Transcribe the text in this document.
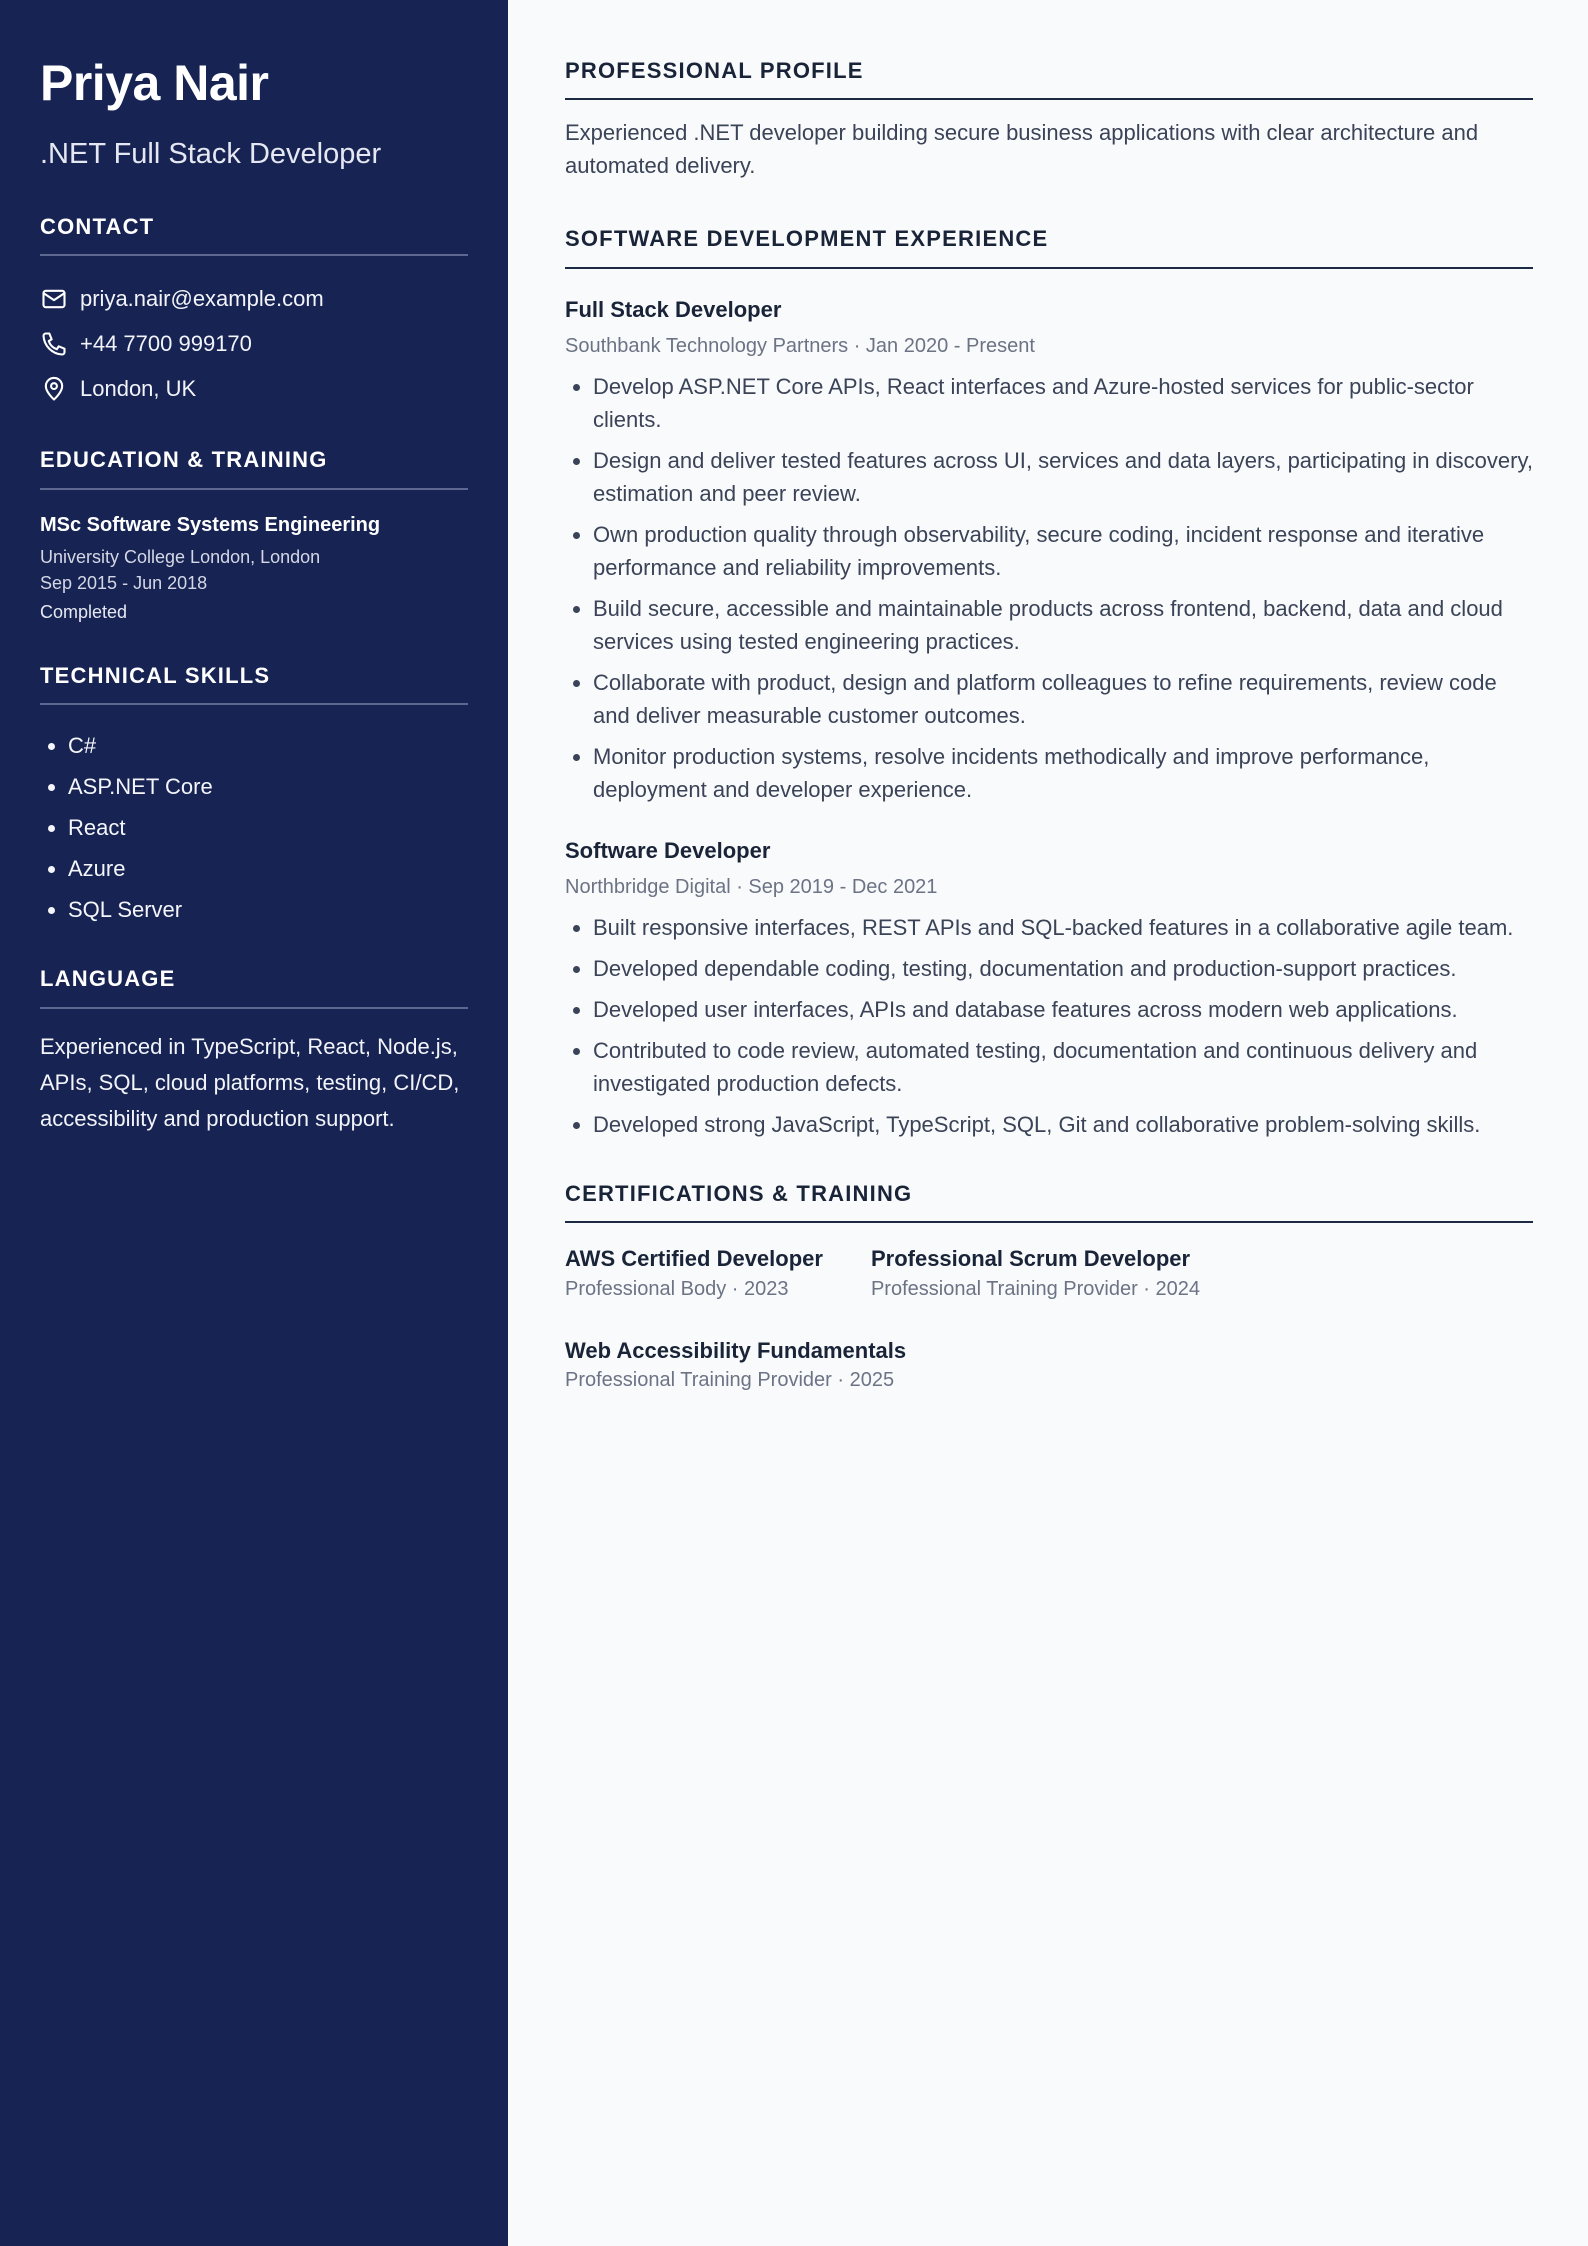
Priya Nair
.NET Full Stack Developer
CONTACT
priya.nair@example.com
+44 7700 999170
London, UK
EDUCATION & TRAINING
MSc Software Systems Engineering
University College London, London
Sep 2015 - Jun 2018
Completed
TECHNICAL SKILLS
• C#
• ASP.NET Core
• React
• Azure
• SQL Server
LANGUAGE
Experienced in TypeScript, React, Node.js, APIs, SQL, cloud platforms, testing, CI/CD, accessibility and production support.
PROFESSIONAL PROFILE
Experienced .NET developer building secure business applications with clear architecture and automated delivery.
SOFTWARE DEVELOPMENT EXPERIENCE
Full Stack Developer
Southbank Technology Partners · Jan 2020 - Present
• Develop ASP.NET Core APIs, React interfaces and Azure-hosted services for public-sector clients.
• Design and deliver tested features across UI, services and data layers, participating in discovery, estimation and peer review.
• Own production quality through observability, secure coding, incident response and iterative performance and reliability improvements.
• Build secure, accessible and maintainable products across frontend, backend, data and cloud services using tested engineering practices.
• Collaborate with product, design and platform colleagues to refine requirements, review code and deliver measurable customer outcomes.
• Monitor production systems, resolve incidents methodically and improve performance, deployment and developer experience.
Software Developer
Northbridge Digital · Sep 2019 - Dec 2021
• Built responsive interfaces, REST APIs and SQL-backed features in a collaborative agile team.
• Developed dependable coding, testing, documentation and production-support practices.
• Developed user interfaces, APIs and database features across modern web applications.
• Contributed to code review, automated testing, documentation and continuous delivery and investigated production defects.
• Developed strong JavaScript, TypeScript, SQL, Git and collaborative problem-solving skills.
CERTIFICATIONS & TRAINING
AWS Certified Developer
Professional Body · 2023
Professional Scrum Developer
Professional Training Provider · 2024
Web Accessibility Fundamentals
Professional Training Provider · 2025
